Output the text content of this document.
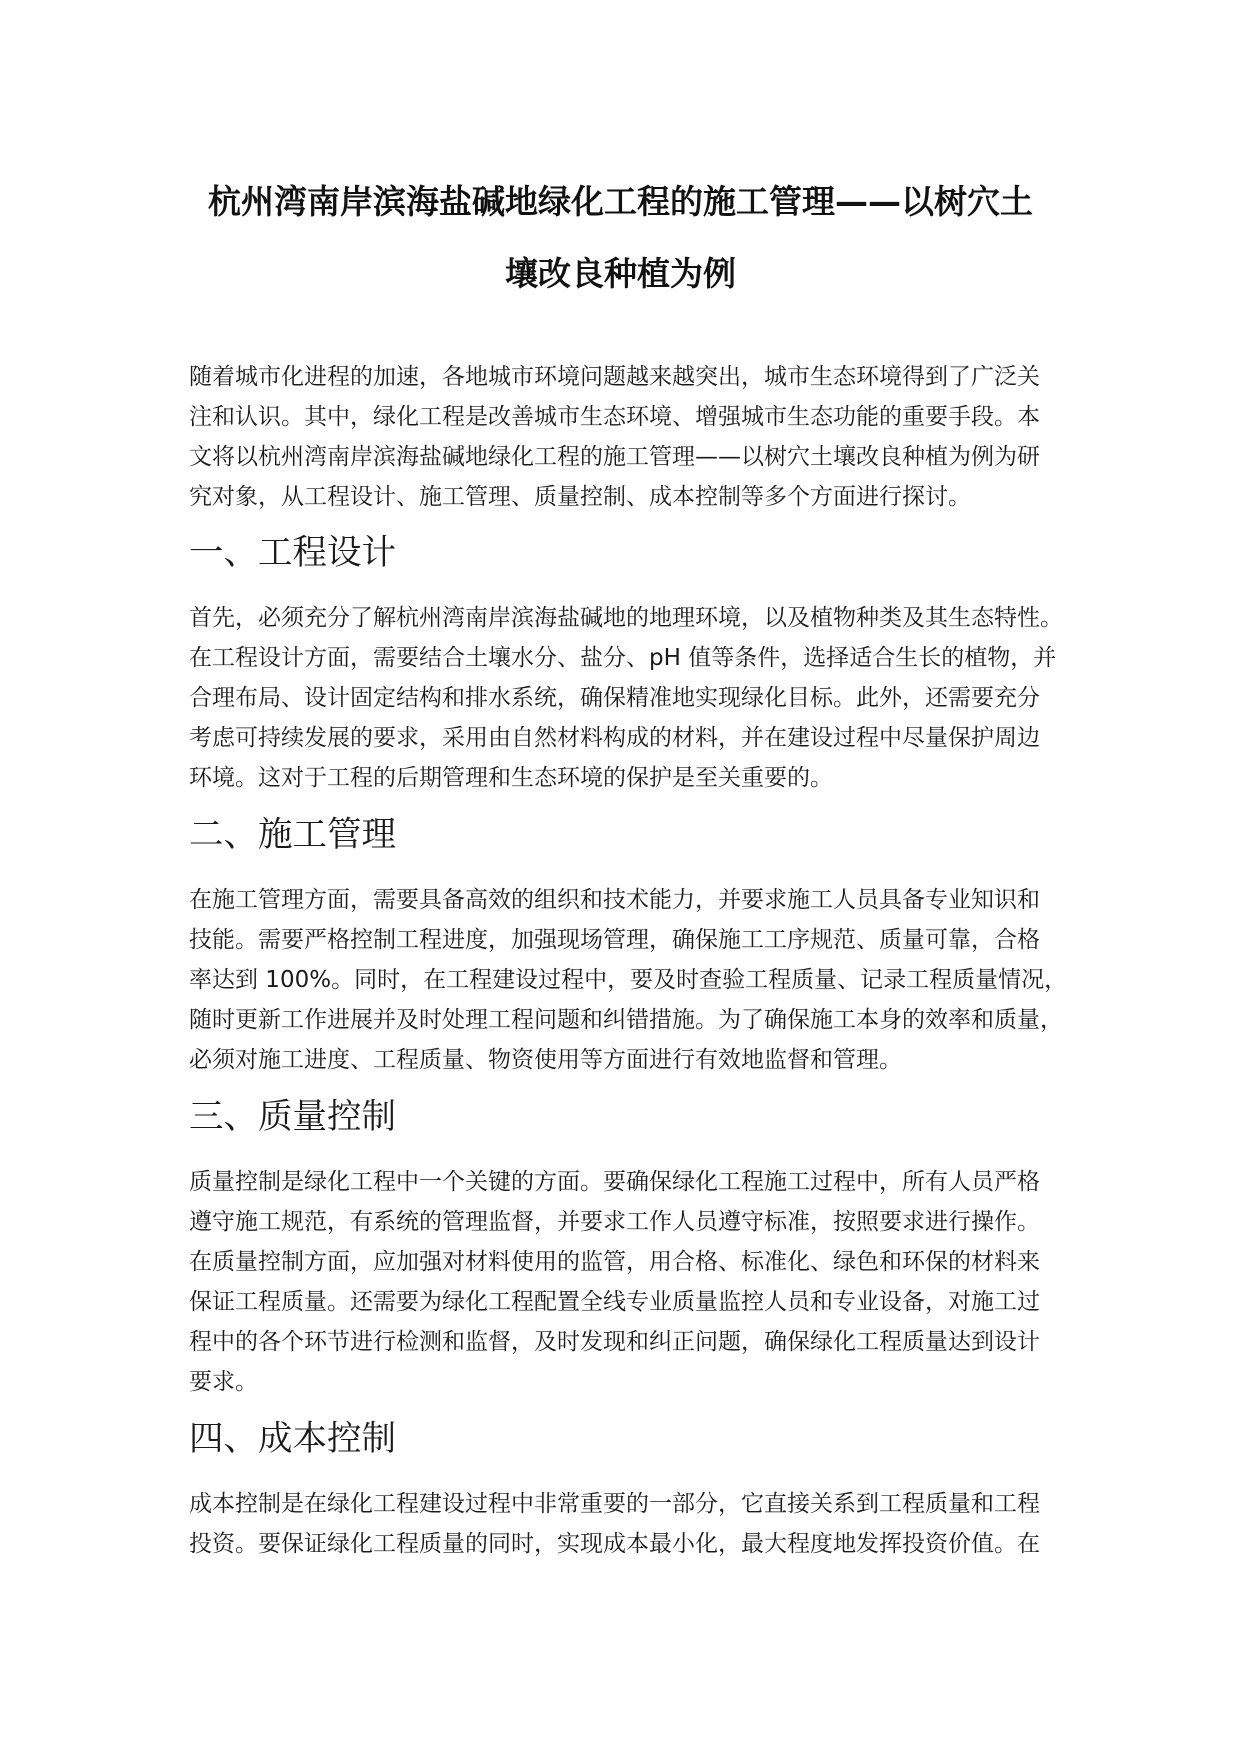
杭州湾南岸滨海盐碱地绿化工程的施工管理——以树穴土
壤改良种植为例

随着城市化进程的加速，各地城市环境问题越来越突出，城市生态环境得到了广泛关

注和认识。其中，绿化工程是改善城市生态环境、增强城市生态功能的重要手段。本

文将以杭州湾南岸滨海盐碱地绿化工程的施工管理——以树穴土壤改良种植为例为研

究对象，从工程设计、施工管理、质量控制、成本控制等多个方面进行探讨。

一、工程设计

首先，必须充分了解杭州湾南岸滨海盐碱地的地理环境，以及植物种类及其生态特性。

在工程设计方面，需要结合土壤水分、盐分、pH 值等条件，选择适合生长的植物，并

合理布局、设计固定结构和排水系统，确保精准地实现绿化目标。此外，还需要充分

考虑可持续发展的要求，采用由自然材料构成的材料，并在建设过程中尽量保护周边

环境。这对于工程的后期管理和生态环境的保护是至关重要的。

二、施工管理

在施工管理方面，需要具备高效的组织和技术能力，并要求施工人员具备专业知识和

技能。需要严格控制工程进度，加强现场管理，确保施工工序规范、质量可靠，合格

率达到 100%。同时，在工程建设过程中，要及时查验工程质量、记录工程质量情况，

随时更新工作进展并及时处理工程问题和纠错措施。为了确保施工本身的效率和质量，

必须对施工进度、工程质量、物资使用等方面进行有效地监督和管理。

三、质量控制

质量控制是绿化工程中一个关键的方面。要确保绿化工程施工过程中，所有人员严格

遵守施工规范，有系统的管理监督，并要求工作人员遵守标准，按照要求进行操作。

在质量控制方面，应加强对材料使用的监管，用合格、标准化、绿色和环保的材料来

保证工程质量。还需要为绿化工程配置全线专业质量监控人员和专业设备，对施工过

程中的各个环节进行检测和监督，及时发现和纠正问题，确保绿化工程质量达到设计

要求。

四、成本控制

成本控制是在绿化工程建设过程中非常重要的一部分，它直接关系到工程质量和工程

投资。要保证绿化工程质量的同时，实现成本最小化，最大程度地发挥投资价值。在
